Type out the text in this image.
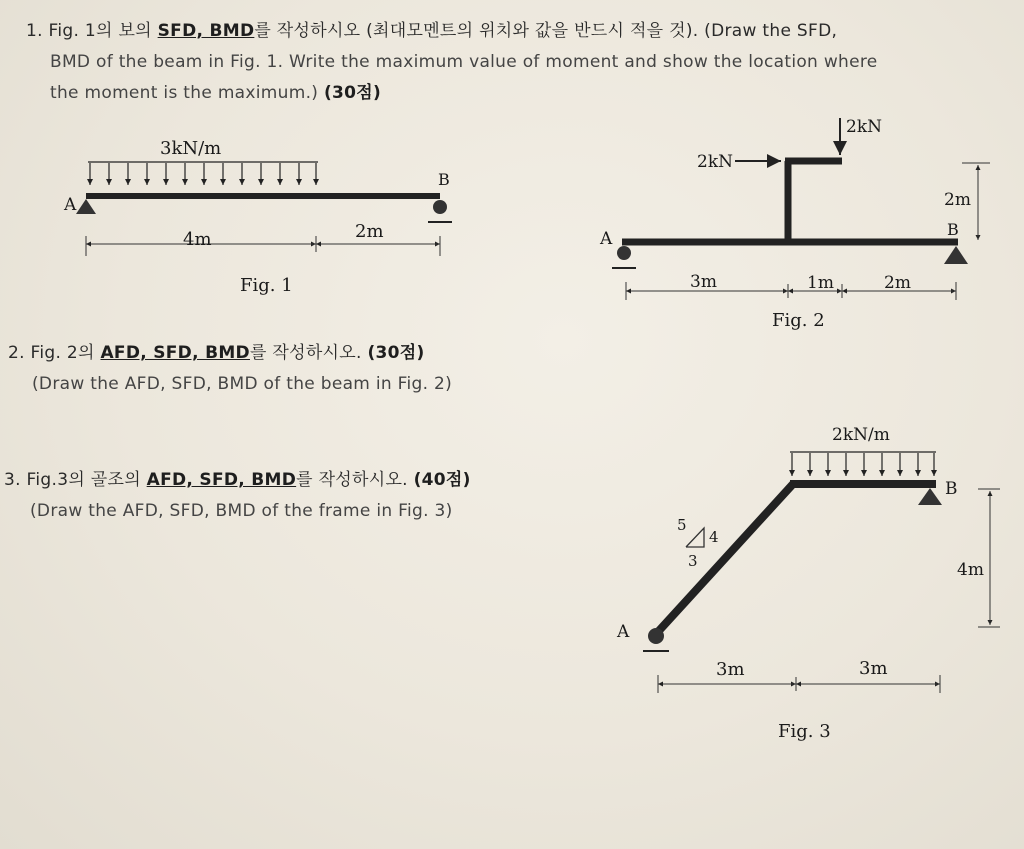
1. Fig. 1의 보의 SFD, BMD를 작성하시오 (최대모멘트의 위치와 값을 반드시 적을 것). (Draw the SFD,
BMD of the beam in Fig. 1. Write the maximum value of moment and show the location where
the moment is the maximum.) (30점)
2. Fig. 2의 AFD, SFD, BMD를 작성하시오. (30점)
(Draw the AFD, SFD, BMD of the beam in Fig. 2)
3. Fig.3의 골조의 AFD, SFD, BMD를 작성하시오. (40점)
(Draw the AFD, SFD, BMD of the frame in Fig. 3)
3kN/m
A
B
4m	2m
Fig. 1
2kN
2kN
A	B
2m
3m	1m	2m
Fig. 2
2kN/m
B
A
5
4
3	4m
3m	3m
Fig. 3
